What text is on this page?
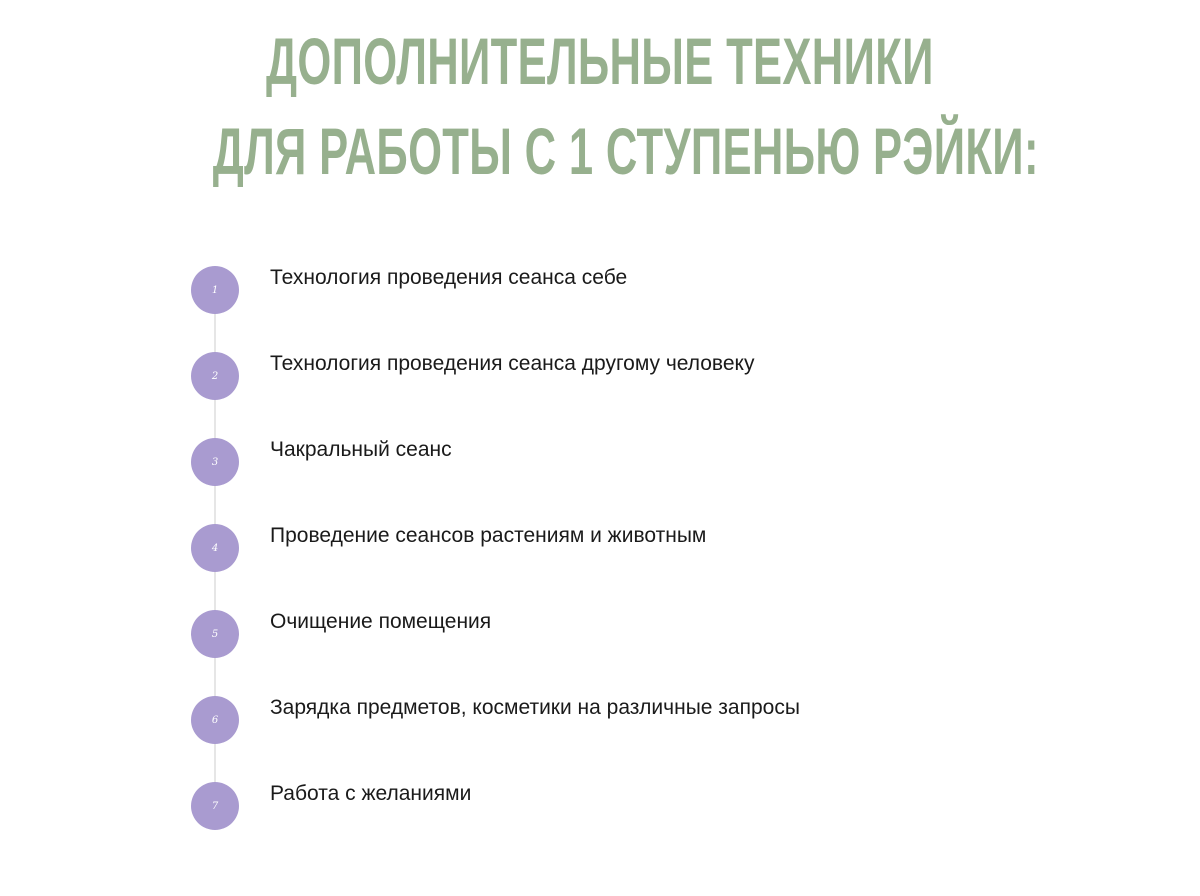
ДОПОЛНИТЕЛЬНЫЕ ТЕХНИКИ
ДЛЯ РАБОТЫ С 1 СТУПЕНЬЮ РЭЙКИ:
1
Технология проведения сеанса себе
2
Технология проведения сеанса другому человеку
3
Чакральный сеанс
4
Проведение сеансов растениям и животным
5
Очищение помещения
6
Зарядка предметов, косметики на различные запросы
7
Работа с желаниями
